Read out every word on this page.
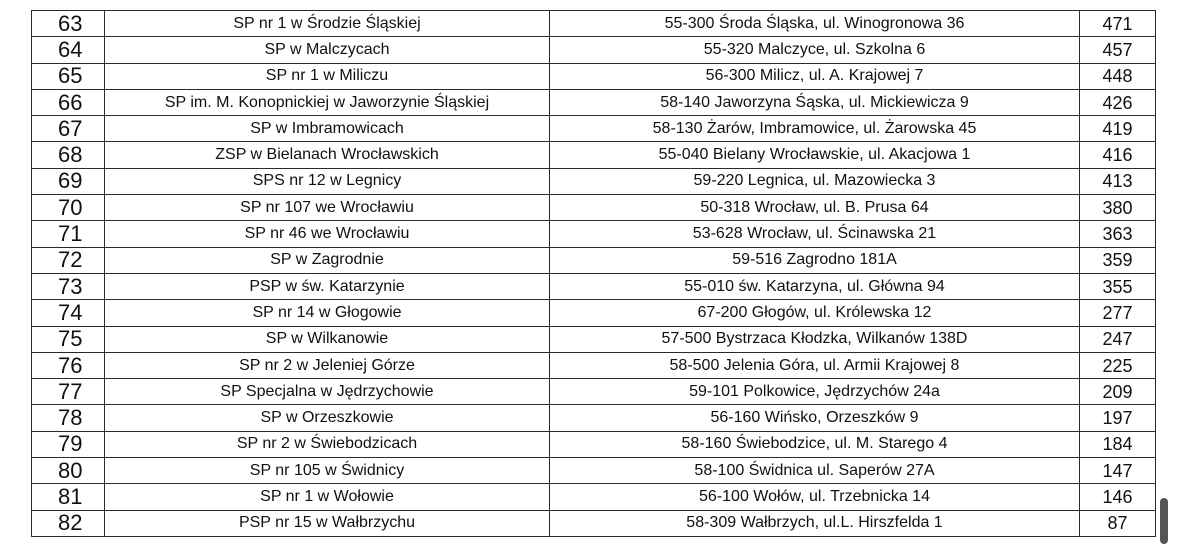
63	SP nr 1 w Środzie Śląskiej	55-300 Środa Śląska, ul. Winogronowa 36	471
64	SP w Malczycach	55-320 Malczyce, ul. Szkolna 6	457
65	SP nr 1 w Miliczu	56-300 Milicz, ul. A. Krajowej 7	448
66	SP im. M. Konopnickiej w Jaworzynie Śląskiej	58-140 Jaworzyna Śąska, ul. Mickiewicza 9	426
67	SP w Imbramowicach	58-130 Żarów, Imbramowice, ul. Żarowska 45	419
68	ZSP w Bielanach Wrocławskich	55-040 Bielany Wrocławskie, ul. Akacjowa 1	416
69	SPS nr 12 w Legnicy	59-220 Legnica, ul. Mazowiecka 3	413
70	SP nr 107 we Wrocławiu	50-318 Wrocław, ul. B. Prusa 64	380
71	SP nr 46 we Wrocławiu	53-628 Wrocław, ul. Ścinawska 21	363
72	SP w Zagrodnie	59-516 Zagrodno 181A	359
73	PSP w św. Katarzynie	55-010 św. Katarzyna, ul. Główna 94	355
74	SP nr 14 w Głogowie	67-200 Głogów, ul. Królewska 12	277
75	SP w Wilkanowie	57-500 Bystrzaca Kłodzka, Wilkanów 138D	247
76	SP nr 2 w Jeleniej Górze	58-500 Jelenia Góra, ul. Armii Krajowej 8	225
77	SP Specjalna w Jędrzychowie	59-101 Polkowice, Jędrzychów 24a	209
78	SP w Orzeszkowie	56-160 Wińsko, Orzeszków 9	197
79	SP nr 2 w Świebodzicach	58-160 Świebodzice, ul. M. Starego 4	184
80	SP nr 105 w Świdnicy	58-100 Świdnica ul. Saperów 27A	147
81	SP nr 1 w Wołowie	56-100 Wołów, ul. Trzebnicka 14	146
82	PSP nr 15 w Wałbrzychu	58-309 Wałbrzych, ul.L. Hirszfelda 1	87
